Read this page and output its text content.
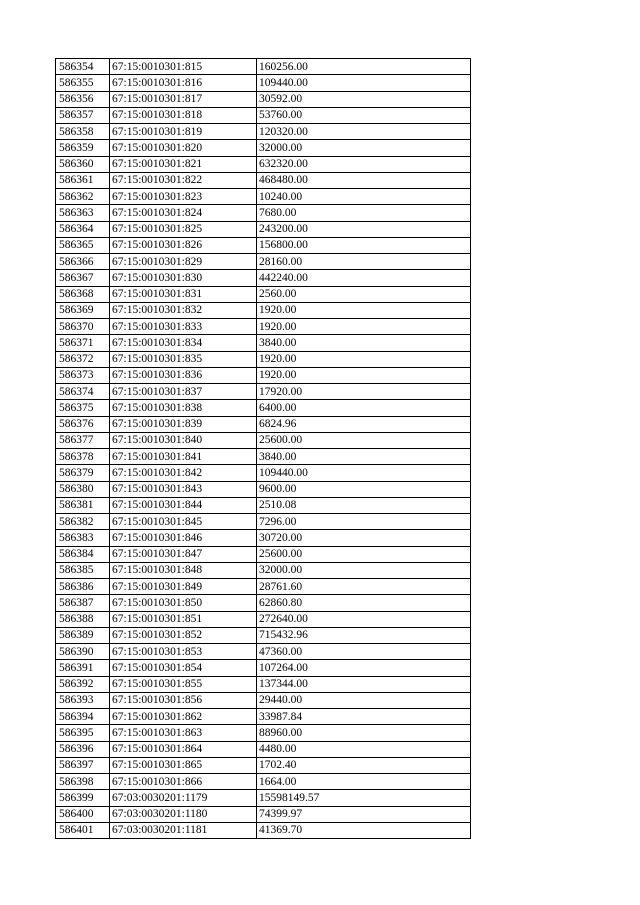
586354	67:15:0010301:815	160256.00
586355	67:15:0010301:816	109440.00
586356	67:15:0010301:817	30592.00
586357	67:15:0010301:818	53760.00
586358	67:15:0010301:819	120320.00
586359	67:15:0010301:820	32000.00
586360	67:15:0010301:821	632320.00
586361	67:15:0010301:822	468480.00
586362	67:15:0010301:823	10240.00
586363	67:15:0010301:824	7680.00
586364	67:15:0010301:825	243200.00
586365	67:15:0010301:826	156800.00
586366	67:15:0010301:829	28160.00
586367	67:15:0010301:830	442240.00
586368	67:15:0010301:831	2560.00
586369	67:15:0010301:832	1920.00
586370	67:15:0010301:833	1920.00
586371	67:15:0010301:834	3840.00
586372	67:15:0010301:835	1920.00
586373	67:15:0010301:836	1920.00
586374	67:15:0010301:837	17920.00
586375	67:15:0010301:838	6400.00
586376	67:15:0010301:839	6824.96
586377	67:15:0010301:840	25600.00
586378	67:15:0010301:841	3840.00
586379	67:15:0010301:842	109440.00
586380	67:15:0010301:843	9600.00
586381	67:15:0010301:844	2510.08
586382	67:15:0010301:845	7296.00
586383	67:15:0010301:846	30720.00
586384	67:15:0010301:847	25600.00
586385	67:15:0010301:848	32000.00
586386	67:15:0010301:849	28761.60
586387	67:15:0010301:850	62860.80
586388	67:15:0010301:851	272640.00
586389	67:15:0010301:852	715432.96
586390	67:15:0010301:853	47360.00
586391	67:15:0010301:854	107264.00
586392	67:15:0010301:855	137344.00
586393	67:15:0010301:856	29440.00
586394	67:15:0010301:862	33987.84
586395	67:15:0010301:863	88960.00
586396	67:15:0010301:864	4480.00
586397	67:15:0010301:865	1702.40
586398	67:15:0010301:866	1664.00
586399	67:03:0030201:1179	15598149.57
586400	67:03:0030201:1180	74399.97
586401	67:03:0030201:1181	41369.70
